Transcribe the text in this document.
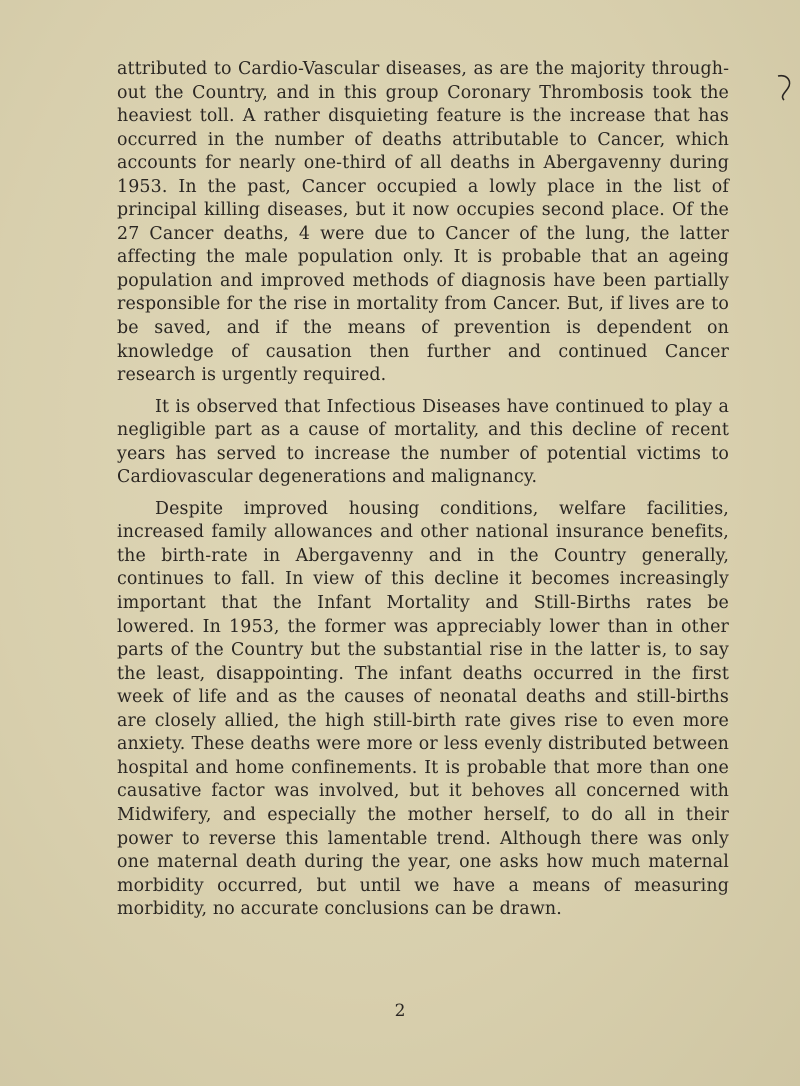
attributed to Cardio-Vascular diseases, as are the majority through out the Country, and in this group Coronary Thrombosis took the heaviest toll. A rather disquieting feature is the increase that has occurred in the number of deaths attributable to Cancer, which accounts for nearly one-third of all deaths in Abergavenny during 1953. In the past, Cancer occupied a lowly place in the list of principal killing diseases, but it now occupies second place. Of the 27 Cancer deaths, 4 were due to Cancer of the lung, the latter affecting the male population only. It is probable that an ageing population and improved methods of diagnosis have been partially responsible for the rise in mortality from Cancer. But, if lives are to be saved, and if the means of prevention is dependent on knowledge of causation then further and continued Cancer research is urgently required.

It is observed that Infectious Diseases have continued to play a negligible part as a cause of mortality, and this decline of recent years has served to increase the number of potential victims to Cardiovascular degenerations and malignancy.

Despite improved housing conditions, welfare facilities, increased family allowances and other national insurance benefits, the birth-rate in Abergavenny and in the Country generally, continues to fall. In view of this decline it becomes increasingly important that the Infant Mortality and Still-Births rates be lowered. In 1953, the former was appreciably lower than in other parts of the Country but the substantial rise in the latter is, to say the least, disappointing. The infant deaths occurred in the first week of life and as the causes of neonatal deaths and still-births are closely allied, the high still-birth rate gives rise to even more anxiety. These deaths were more or less evenly distributed between hospital and home confinements. It is probable that more than one causative factor was involved, but it behoves all concerned with Midwifery, and especially the mother herself, to do all in their power to reverse this lamentable trend. Although there was only one maternal death during the year, one asks how much maternal morbidity occurred, but until we have a means of measuring morbidity, no accurate conclusions can be drawn.

2
